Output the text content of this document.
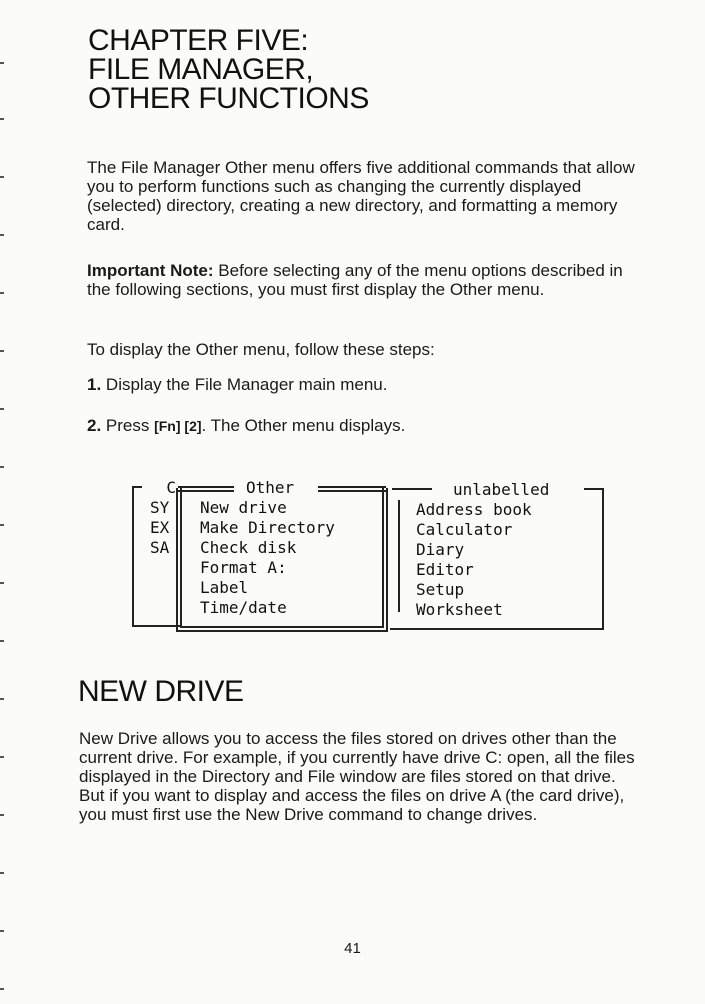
CHAPTER FIVE:
FILE MANAGER,
OTHER FUNCTIONS

The File Manager Other menu offers five additional commands that allow you to perform functions such as changing the currently displayed (selected) directory, creating a new directory, and formatting a memory card.

Important Note: Before selecting any of the menu options described in the following sections, you must first display the Other menu.

To display the Other menu, follow these steps:

1. Display the File Manager main menu.

2. Press [Fn] [2]. The Other menu displays.

C
SY
EX
SA
Other
New drive
Make Directory
Check disk
Format A:
Label
Time/date
unlabelled
Address book
Calculator
Diary
Editor
Setup
Worksheet
NEW DRIVE

New Drive allows you to access the files stored on drives other than the current drive. For example, if you currently have drive C: open, all the files displayed in the Directory and File window are files stored on that drive. But if you want to display and access the files on drive A (the card drive), you must first use the New Drive command to change drives.

41
